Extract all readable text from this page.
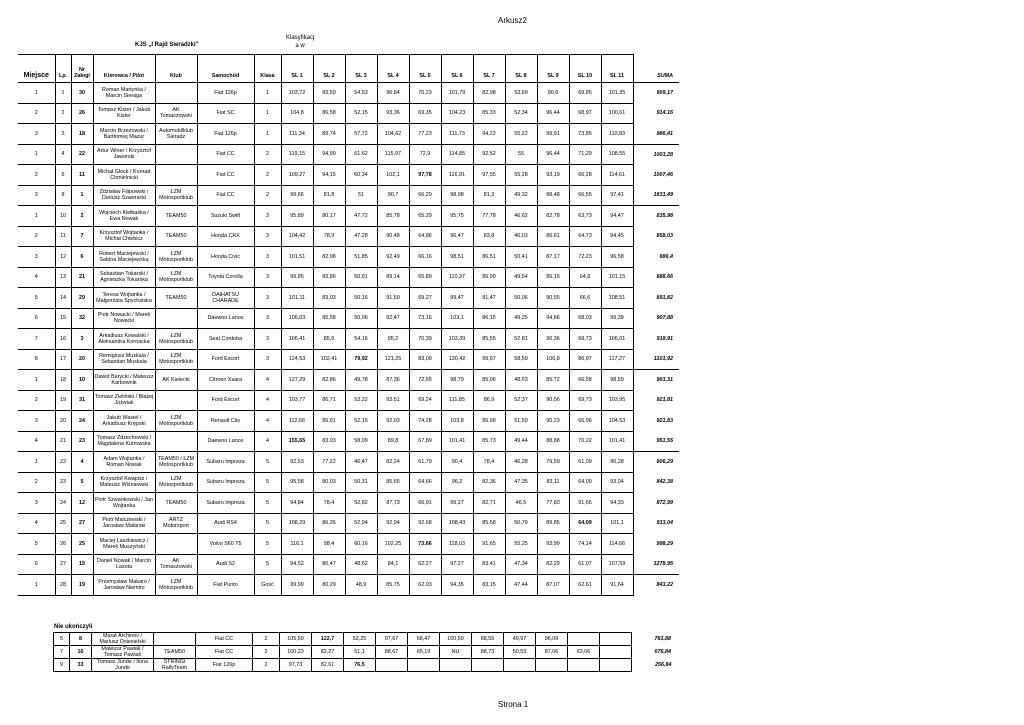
Arkusz2
Klasyfikacj
a w
KJS „I Rajd Sieradzki”
Miejsce	Lp.	Nr Załogi	Kierowca / Pilot	Klub	Samochód	Klasa	SL 1	SL 2	SL 3	SL 4	SL 5	SL 6	SL 7	SL 8	SL 9	SL 10	SL 11	SUMA
1	1	30	Roman Martynka / Marcin Sieraga		Fiat 126p	1	103,72	83,59	54,53	96,84	70,23	101,79	82,98	53,69	90,6	69,85	101,35	909,17
2	2	26	Tomasz Kister / Jakub Kister	AK Tomaszowski	Fiat SC	1	104,8	86,58	52,15	93,36	69,35	104,23	85,33	52,34	96,44	68,97	100,61	914,16
3	3	18	Marcin Brzezowski / Bartłomiej Mazur	Automobilklub Sieradz	Fiat 126p	1	111,34	89,74	57,72	104,62	77,23	111,73	94,22	55,22	99,91	73,85	110,83	986,41
1	4	22	Artur Winer / Krzysztof Jaworski		Fiat CC	2	119,15	94,99	61,62	115,97	72,9	114,85	92,52	55	96,44	71,29	108,55	1003,28
2	6	11	Michał Glock / Konrad Chmielnicki		Fiat CC	2	109,27	94,15	60,34	102,1	97,78	116,91	97,55	55,28	93,19	66,28	114,61	1007,46
3	8	1	Zdzisław Filipowski / Dariusz Szawracki	ŁZM Motosportklub	Fiat CC	2	99,66	81,8	51	90,7	66,29	98,98	81,3	49,32	88,48	66,55	97,41	1831,49
1	10	2	Wojciech Kiełbaska / Ewa Nowak	TEAM50	Suzuki Swift	3	95,89	80,17	47,72	85,78	65,29	95,75	77,78	46,62	82,78	63,73	94,47	835,98
2	11	7	Krzysztof Wojtanka / Michał Chlebicz	TEAM50	Honda CRX	3	104,42	78,9	47,28	90,48	64,86	96,47	83,8	46,03	86,61	64,73	94,45	858,03
3	12	6	Robert Maciejewski / Sabina Maciejewska	ŁZM Motosportklub	Honda Civic	3	101,51	82,98	51,85	92,49	66,16	98,51	86,51	50,41	87,17	72,23	96,58	886,4
4	13	21	Sebastian Tokarski / Agnieszka Tokarska	ŁZM Motosportklub	Toyota Corolla	3	99,85	83,86	50,91	89,14	65,89	110,37	86,99	49,54	86,16	64,8	101,15	888,66
5	14	29	Teresa Wojtanka / Małgorzata Spychalska	TEAM50	DAIHATSU CHARADE	3	101,11	83,03	50,16	91,59	69,27	99,47	81,47	50,06	90,55	66,6	108,51	891,82
6	15	32	Piotr Nowacki / Marek Nowacki		Daewoo Lanos	3	106,03	85,58	50,06	92,47	73,16	103,1	86,15	49,25	94,66	68,03	99,39	907,88
7	16	3	Arkadiusz Kowalski / Aleksandra Kornacka	ŁZM Motosportklub	Seat Cordoba	3	106,41	85,9	54,16	95,2	70,39	103,39	85,55	52,81	90,36	68,73	106,01	918,91
8	17	20	Remigiusz Muskala / Sebastian Muskala	ŁZM Motosportklub	Ford Escort	3	124,53	102,41	79,92	121,25	83,09	130,42	99,67	58,59	106,8	86,97	117,27	1101,92
1	18	10	Dawid Barycki / Mateusz Karbownik	AK Kielecki	Citroen Xsara	4	127,29	82,86	49,78	87,36	72,65	98,79	85,06	48,63	85,72	66,58	98,59	903,31
2	19	31	Tomasz Zieliński / Błażej Jóźwiak		Ford Escort	4	103,77	86,71	53,22	93,51	69,24	111,85	86,9	52,37	90,56	69,73	103,95	921,81
3	20	24	Jakub Wasiel / Arkadiusz Krępski	ŁZM Motosportklub	Renault Clio	4	112,66	86,91	52,16	92,03	74,28	103,8	86,68	51,59	90,23	66,96	104,53	921,83
4	21	23	Tomasz Zdzechowski / Magdalena Kutrowska		Daewoo Lanos	4	155,65	83,03	58,09	89,8	67,89	101,41	85,73	49,44	88,88	70,22	101,41	951,55
1	22	4	Adam Wojtanka / Roman Nowak	TEAM50 / ŁZM Motosportklub	Subaru Impreza	5	92,53	77,22	46,47	82,24	61,79	90,4	78,4	46,28	79,59	61,09	90,28	806,29
2	23	5	Krzysztof Kwapisz / Mateusz Wiśniewski	ŁZM Motosportklub	Subaru Impreza	5	95,58	80,03	50,31	85,65	64,66	96,2	82,36	47,35	83,11	64,09	93,04	842,38
3	24	12	Piotr Szwankowski / Jan Wojtanka	TEAM50	Subaru Impreza	5	94,84	78,4	52,82	87,73	66,91	99,27	82,71	46,5	77,83	91,65	94,33	872,99
4	25	27	Piotr Malczewski / Jarosław Malarski	ARTZ Motorsport	Audi RS4	5	108,29	86,35	52,94	92,94	92,68	108,43	85,58	50,79	89,85	64,09	101,1	933,04
5	26	25	Maciej Łaszkiewicz / Marek Muszyński		Volvo S60 T5	5	116,1	98,4	60,16	102,25	73,66	118,03	91,65	55,25	93,99	74,14	114,66	998,29
6	27	15	Daniel Nowak / Marcin Lasota	AK Tomaszowski	Audi S2	5	94,52	80,47	48,62	84,1	62,27	97,27	83,41	47,34	82,29	61,07	107,59	1278,95
1	28	19	Przemysław Makaro / Jarosław Niemiro	ŁZM Motosportklub	Fiat Punto	Gość	99,99	80,29	48,9	85,75	62,03	94,35	83,15	47,44	87,07	62,61	91,64	843,22
Nie ukończyli
5	8	Marat Archinov / Mariusz Osiesielski		Fiat CC	2	105,59	122,7	52,25	97,67	68,47	100,59	88,55	49,97	96,09			781,88
7	16	Mateusz Pawlak / Tomasz Pawlak	TEAM50	Fiat CC	2	100,23	82,27	51,1	88,67	65,19	NU	88,73	50,53	87,06	63,06		676,84
9	33	Tomasz Junde / Ilona Junde	STRINGI RallyTeam	Fiat 126p	2	97,73	82,61	76,5									256,84
Strona 1
